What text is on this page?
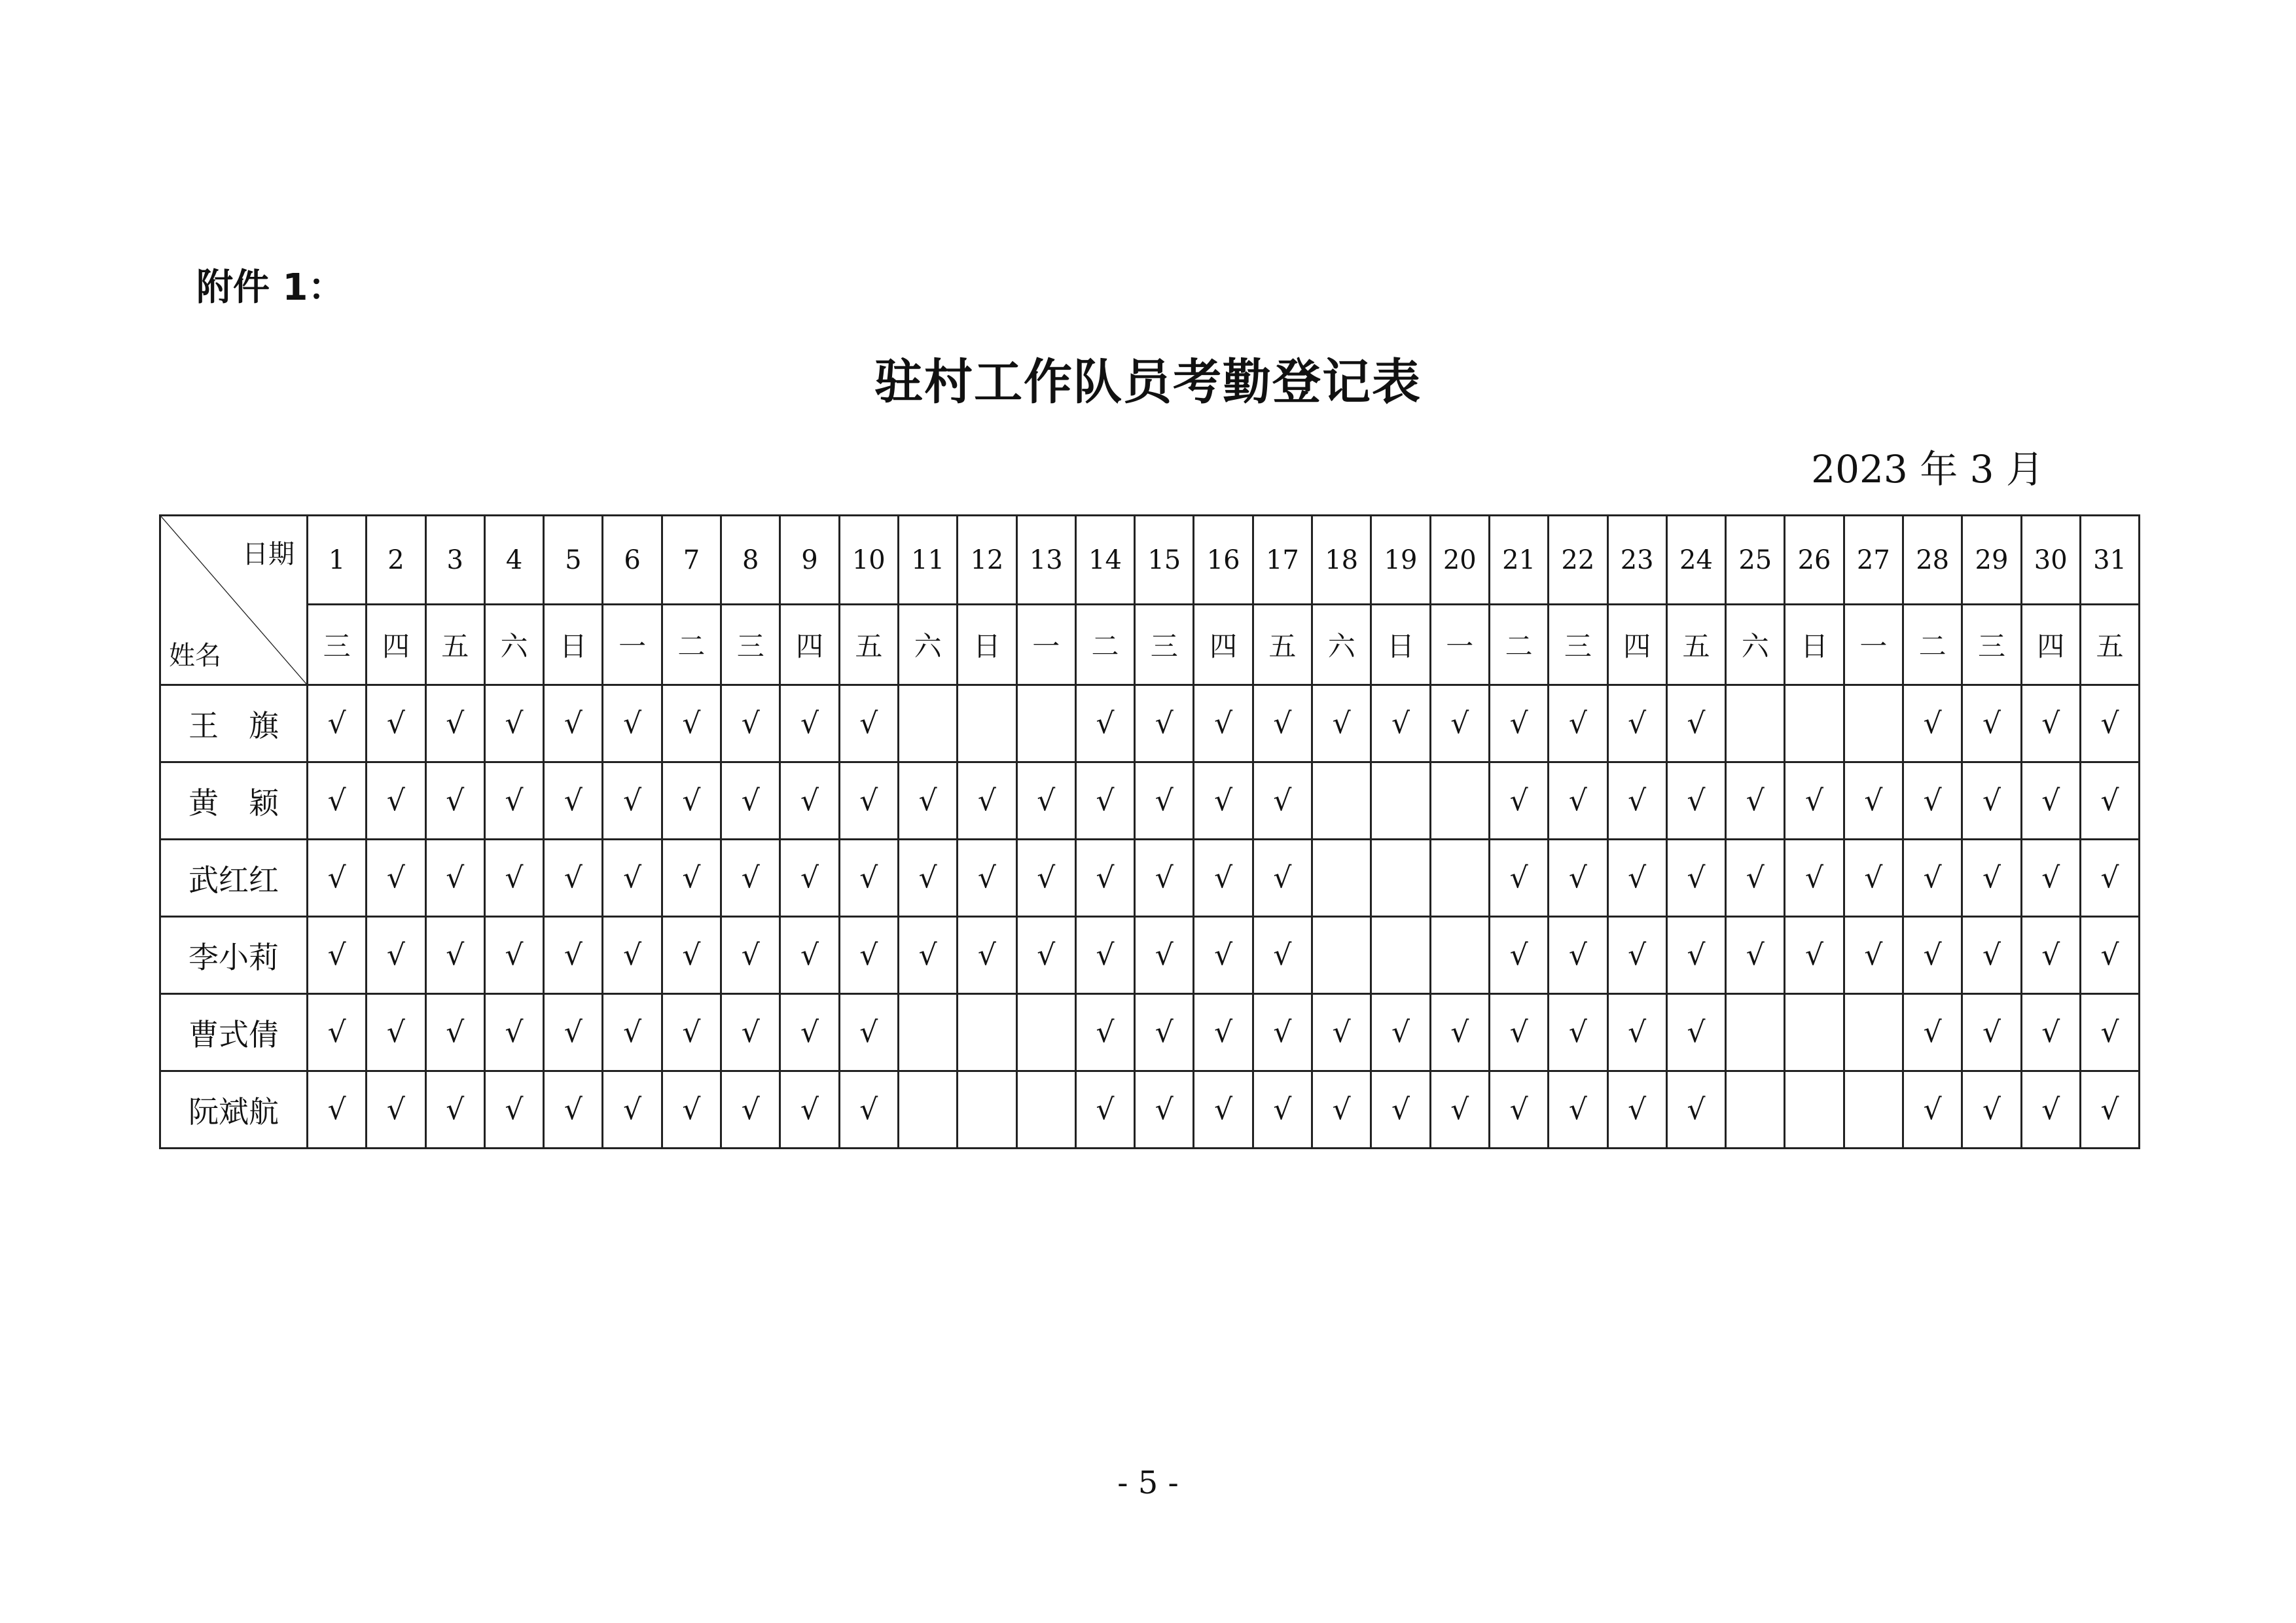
附件 1：
驻村工作队员考勤登记表
2023 年 3 月
日期
姓名	1	2	3	4	5	6	7	8	9	10	11	12	13	14	15	16	17	18	19	20	21	22	23	24	25	26	27	28	29	30	31
	三	四	五	六	日	一	二	三	四	五	六	日	一	二	三	四	五	六	日	一	二	三	四	五	六	日	一	二	三	四	五
王　旗	√	√	√	√	√	√	√	√	√	√				√	√	√	√	√	√	√	√	√	√	√				√	√	√	√
黄　颖	√	√	√	√	√	√	√	√	√	√	√	√	√	√	√	√	√				√	√	√	√	√	√	√	√	√	√	√
武红红	√	√	√	√	√	√	√	√	√	√	√	√	√	√	√	√	√				√	√	√	√	√	√	√	√	√	√	√
李小莉	√	√	√	√	√	√	√	√	√	√	√	√	√	√	√	√	√				√	√	√	√	√	√	√	√	√	√	√
曹式倩	√	√	√	√	√	√	√	√	√	√				√	√	√	√	√	√	√	√	√	√	√				√	√	√	√
阮斌航	√	√	√	√	√	√	√	√	√	√				√	√	√	√	√	√	√	√	√	√	√				√	√	√	√
- 5 -
